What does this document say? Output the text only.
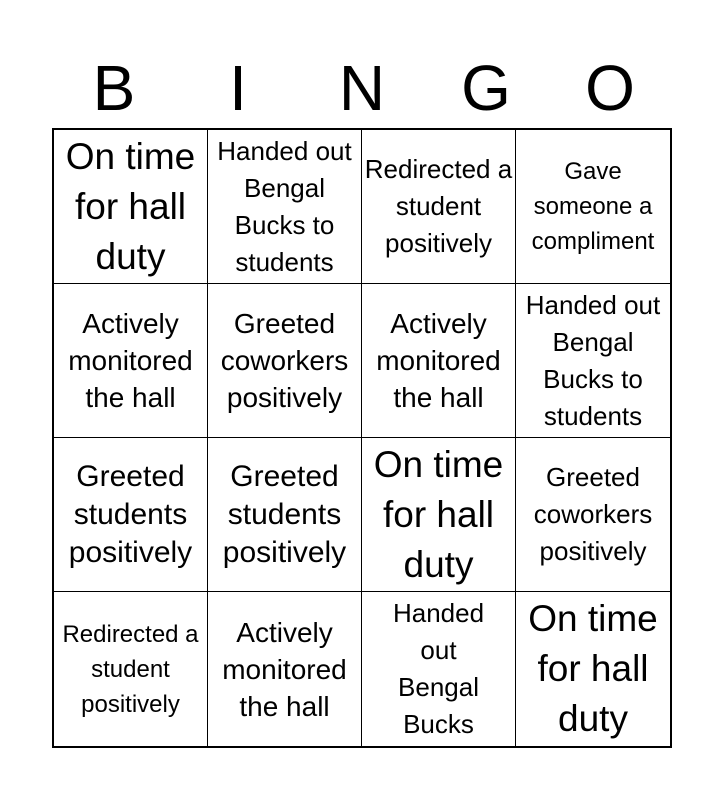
B	I	N	G	O
On time for hall duty
Handed out Bengal Bucks to students
Redirected a student positively
Gave someone a compliment
Actively monitored the hall
Greeted coworkers positively
Actively monitored the hall
Handed out Bengal Bucks to students
Greeted students positively
Greeted students positively
On time for hall duty
Greeted coworkers positively
Redirected a student positively
Actively monitored the hall
Handed out Bengal Bucks
On time for hall duty
